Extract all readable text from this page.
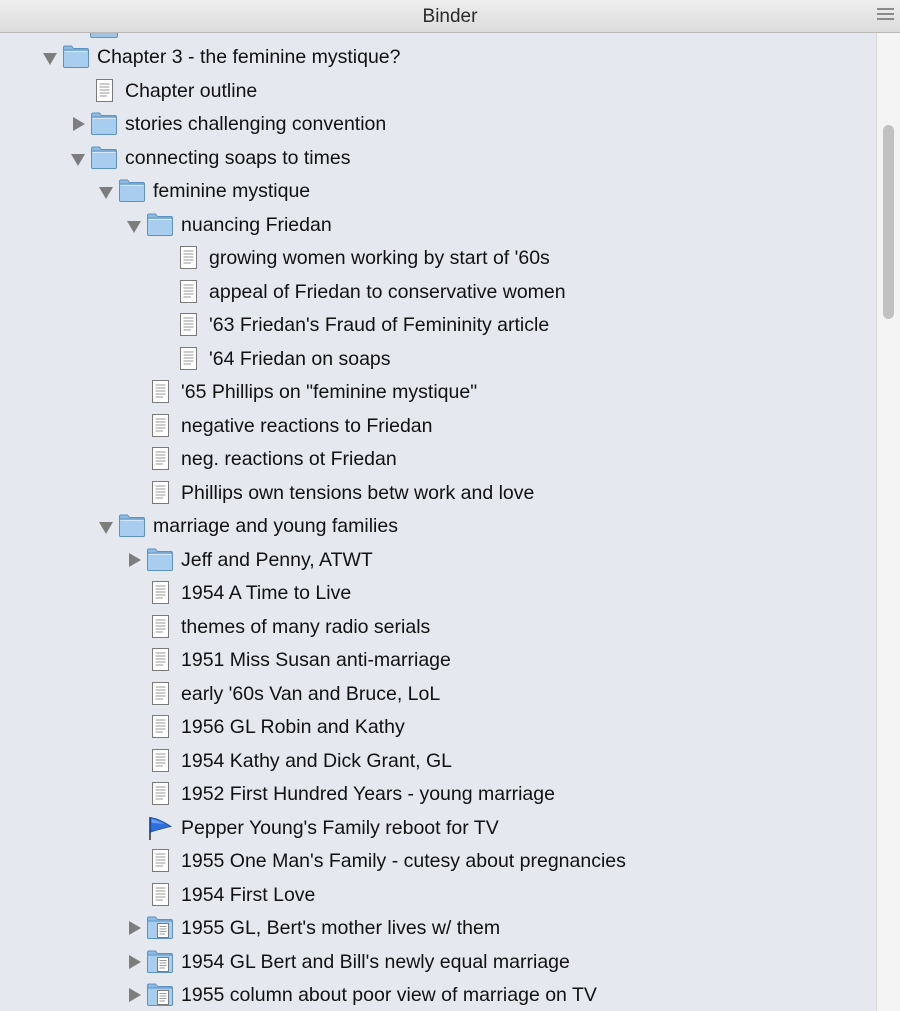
Binder
Chapter 3 - the feminine mystique?
Chapter outline
stories challenging convention
connecting soaps to times
feminine mystique
nuancing Friedan
growing women working by start of '60s
appeal of Friedan to conservative women
'63 Friedan's Fraud of Femininity article
'64 Friedan on soaps
'65 Phillips on "feminine mystique"
negative reactions to Friedan
neg. reactions ot Friedan
Phillips own tensions betw work and love
marriage and young families
Jeff and Penny, ATWT
1954 A Time to Live
themes of many radio serials
1951 Miss Susan anti-marriage
early '60s Van and Bruce, LoL
1956 GL Robin and Kathy
1954 Kathy and Dick Grant, GL
1952 First Hundred Years - young marriage
Pepper Young's Family reboot for TV
1955 One Man's Family - cutesy about pregnancies
1954 First Love
1955 GL, Bert's mother lives w/ them
1954 GL Bert and Bill's newly equal marriage
1955 column about poor view of marriage on TV
